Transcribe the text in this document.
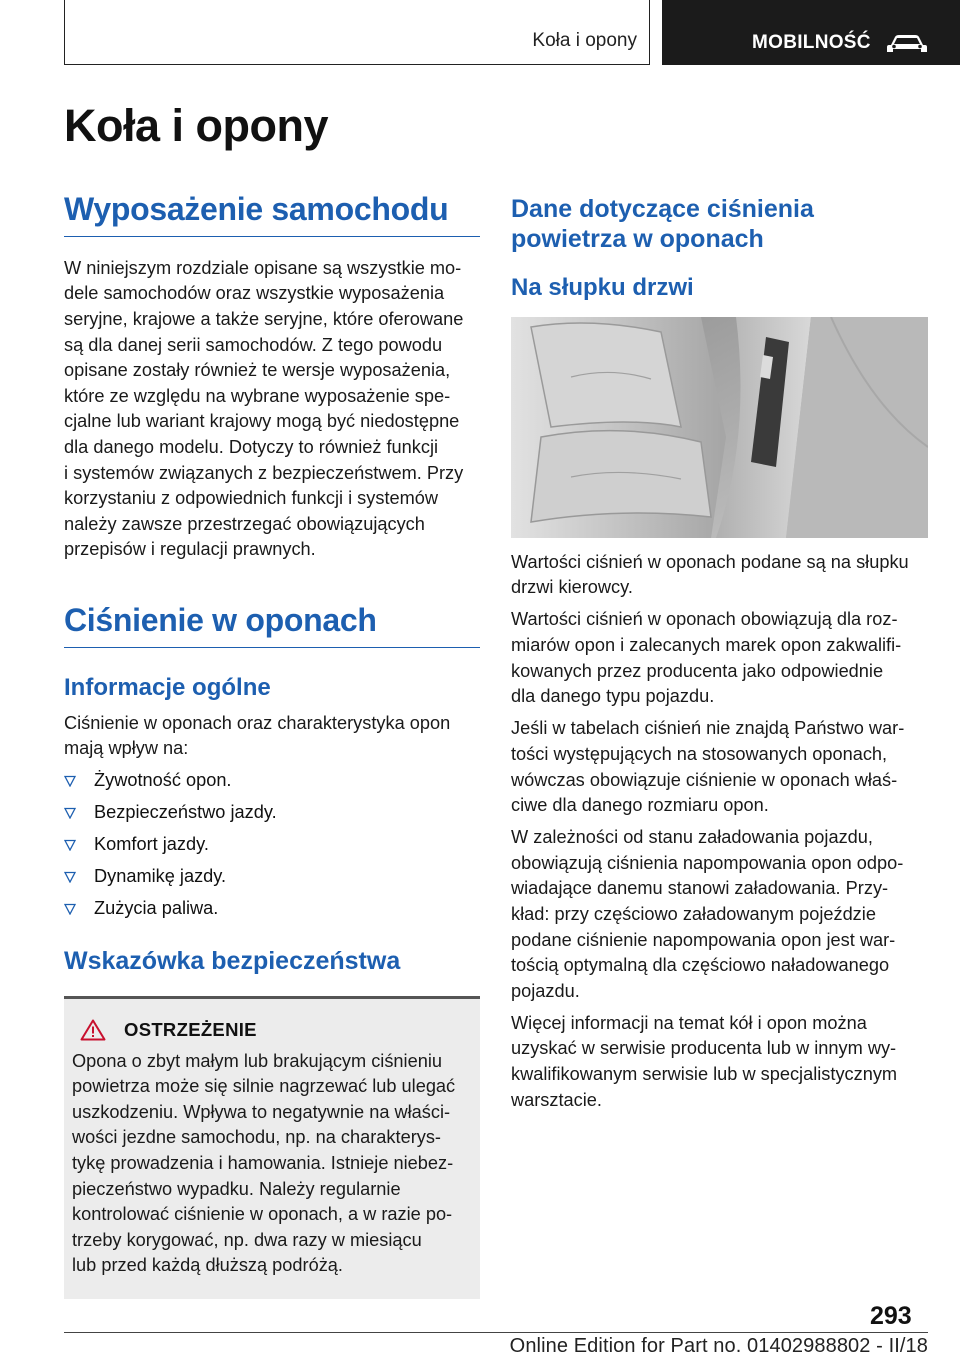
Koła i opony	MOBILNOŚĆ
Koła i opony
Wyposażenie samochodu
W niniejszym rozdziale opisane są wszystkie mo‐
dele samochodów oraz wszystkie wyposażenia
seryjne, krajowe a także seryjne, które oferowane
są dla danej serii samochodów. Z tego powodu
opisane zostały również te wersje wyposażenia,
które ze względu na wybrane wyposażenie spe‐
cjalne lub wariant krajowy mogą być niedostępne
dla danego modelu. Dotyczy to również funkcji
i systemów związanych z bezpieczeństwem. Przy
korzystaniu z odpowiednich funkcji i systemów
należy zawsze przestrzegać obowiązujących
przepisów i regulacji prawnych.
Ciśnienie w oponach
Informacje ogólne
Ciśnienie w oponach oraz charakterystyka opon
mają wpływ na:
Żywotność opon.
Bezpieczeństwo jazdy.
Komfort jazdy.
Dynamikę jazdy.
Zużycia paliwa.
Wskazówka bezpieczeństwa
OSTRZEŻENIE
Opona o zbyt małym lub brakującym ciśnieniu
powietrza może się silnie nagrzewać lub ulegać
uszkodzeniu. Wpływa to negatywnie na właści‐
wości jezdne samochodu, np. na charakterys‐
tykę prowadzenia i hamowania. Istnieje niebez‐
pieczeństwo wypadku. Należy regularnie
kontrolować ciśnienie w oponach, a w razie po‐
trzeby korygować, np. dwa razy w miesiącu
lub przed każdą dłuższą podróżą.
Dane dotyczące ciśnienia
powietrza w oponach
Na słupku drzwi
Wartości ciśnień w oponach podane są na słupku
drzwi kierowcy.
Wartości ciśnień w oponach obowiązują dla roz‐
miarów opon i zalecanych marek opon zakwalifi‐
kowanych przez producenta jako odpowiednie
dla danego typu pojazdu.
Jeśli w tabelach ciśnień nie znajdą Państwo war‐
tości występujących na stosowanych oponach,
wówczas obowiązuje ciśnienie w oponach właś‐
ciwe dla danego rozmiaru opon.
W zależności od stanu załadowania pojazdu,
obowiązują ciśnienia napompowania opon odpo‐
wiadające danemu stanowi załadowania. Przy‐
kład: przy częściowo załadowanym pojeździe
podane ciśnienie napompowania opon jest war‐
tością optymalną dla częściowo naładowanego
pojazdu.
Więcej informacji na temat kół i opon można
uzyskać w serwisie producenta lub w innym wy‐
kwalifikowanym serwisie lub w specjalistycznym
warsztacie.
293
Online Edition for Part no. 01402988802 - II/18
